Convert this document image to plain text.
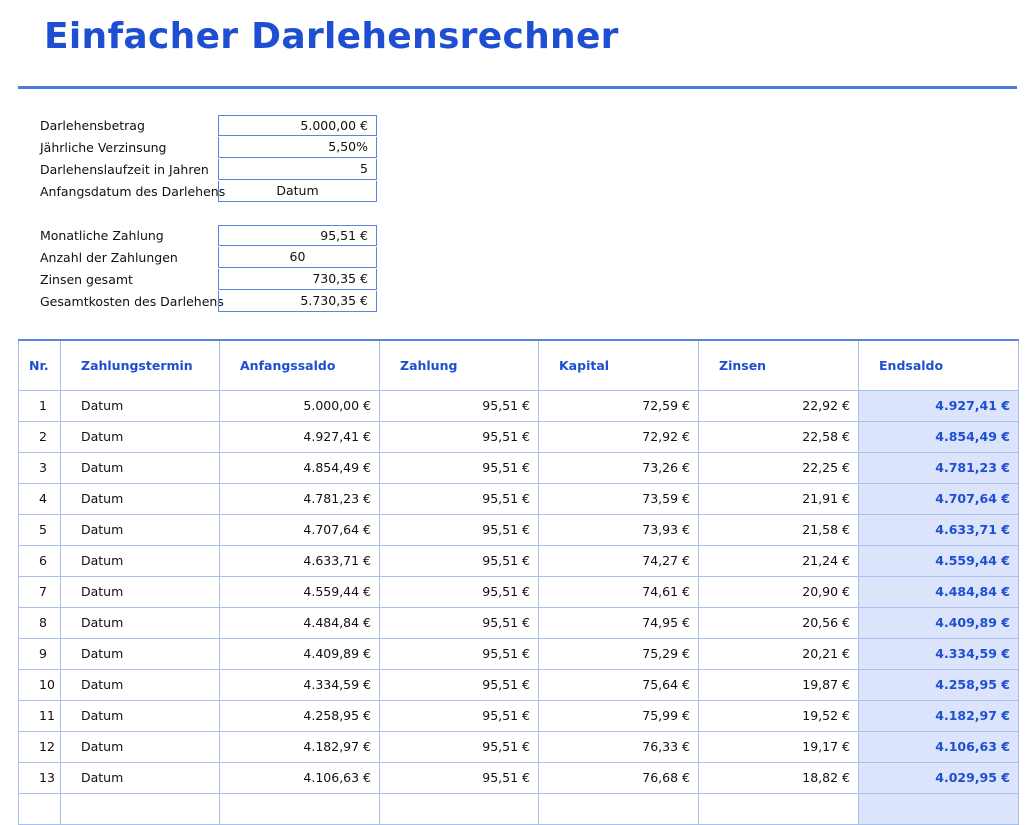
Einfacher Darlehensrechner
Darlehensbetrag	5.000,00 €
Jährliche Verzinsung	5,50%
Darlehenslaufzeit in Jahren	5
Anfangsdatum des Darlehens	Datum
Monatliche Zahlung	95,51 €
Anzahl der Zahlungen	60
Zinsen gesamt	730,35 €
Gesamtkosten des Darlehens	5.730,35 €
Nr.	Zahlungstermin	Anfangssaldo	Zahlung	Kapital	Zinsen	Endsaldo
1	Datum	5.000,00 €	95,51 €	72,59 €	22,92 €	4.927,41 €
2	Datum	4.927,41 €	95,51 €	72,92 €	22,58 €	4.854,49 €
3	Datum	4.854,49 €	95,51 €	73,26 €	22,25 €	4.781,23 €
4	Datum	4.781,23 €	95,51 €	73,59 €	21,91 €	4.707,64 €
5	Datum	4.707,64 €	95,51 €	73,93 €	21,58 €	4.633,71 €
6	Datum	4.633,71 €	95,51 €	74,27 €	21,24 €	4.559,44 €
7	Datum	4.559,44 €	95,51 €	74,61 €	20,90 €	4.484,84 €
8	Datum	4.484,84 €	95,51 €	74,95 €	20,56 €	4.409,89 €
9	Datum	4.409,89 €	95,51 €	75,29 €	20,21 €	4.334,59 €
10	Datum	4.334,59 €	95,51 €	75,64 €	19,87 €	4.258,95 €
11	Datum	4.258,95 €	95,51 €	75,99 €	19,52 €	4.182,97 €
12	Datum	4.182,97 €	95,51 €	76,33 €	19,17 €	4.106,63 €
13	Datum	4.106,63 €	95,51 €	76,68 €	18,82 €	4.029,95 €
